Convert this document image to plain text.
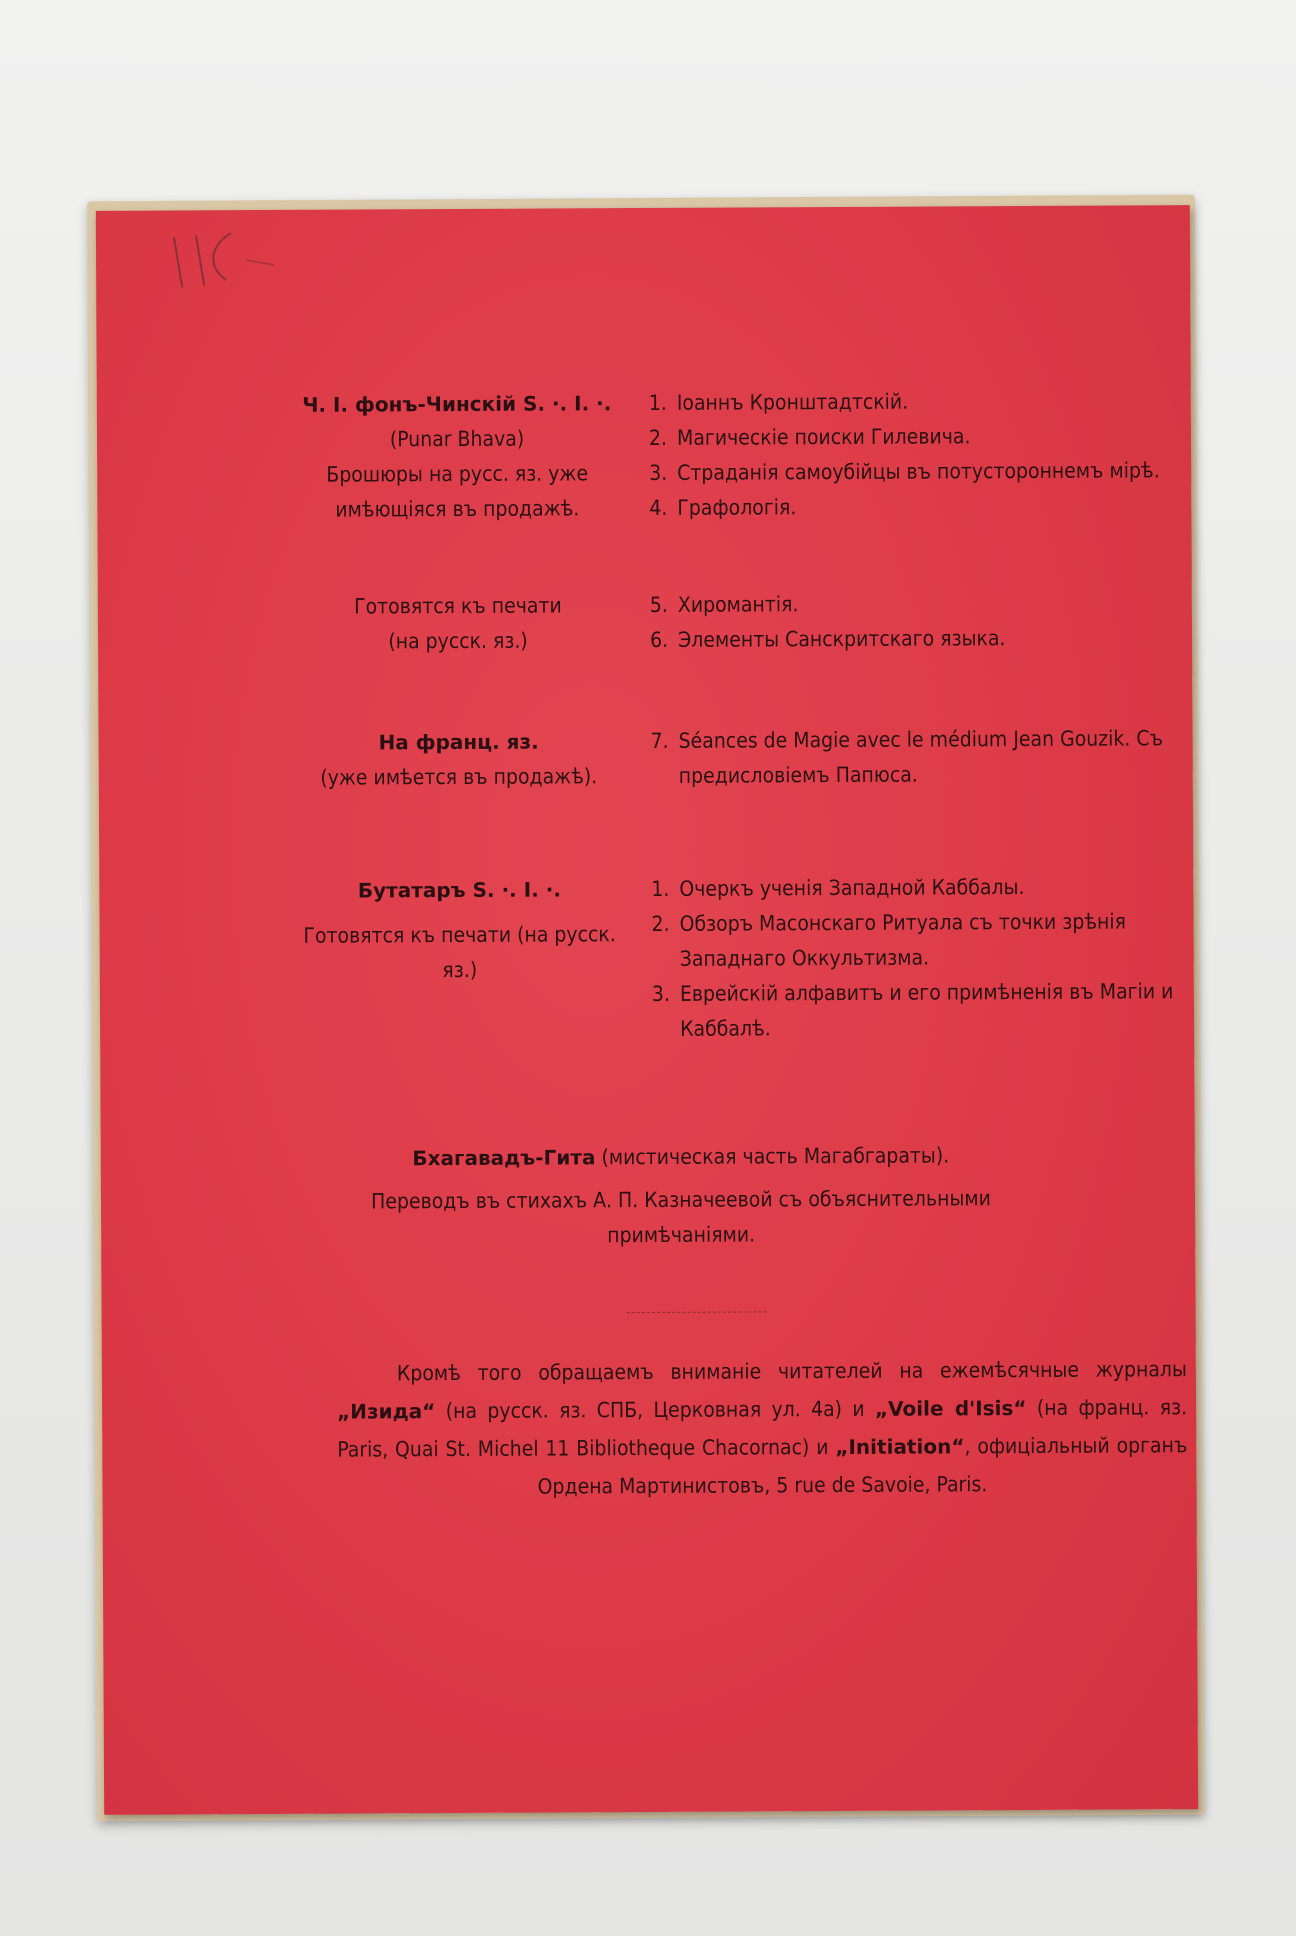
Ч. I. фонъ-Чинскій S. ·. I. ·.
(Punar Bhava)
Брошюры на русс. яз. уже имѣющіяся въ продажѣ.
1. Іоаннъ Кронштадтскій.
2. Магическіе поиски Гилевича.
3. Страданія самоубійцы въ потустороннемъ мірѣ.
4. Графологія.
Готовятся къ печати
(на русск. яз.)
5. Хиромантія.
6. Элементы Санскритскаго языка.
На франц. яз.
(уже имѣется въ продажѣ).
7. Séances de Magie avec le médium Jean Gouzik. Съ предисловіемъ Папюса.
Бутатаръ S. ·. I. ·.
Готовятся къ печати (на русск. яз.)
1. Очеркъ ученія Западной Каббалы.
2. Обзоръ Масонскаго Ритуала съ точки зрѣнія Западнаго Оккультизма.
3. Еврейскій алфавитъ и его примѣненія въ Магіи и Каббалѣ.
Бхагавадъ-Гита (мистическая часть Магабгараты).
Переводъ въ стихахъ А. П. Казначеевой съ объяснительными примѣчаніями.
Кромѣ того обращаемъ вниманіе читателей на ежемѣсячные журналы „Изида“ (на русск. яз. СПБ, Церковная ул. 4а) и „Voile d'Isis“ (на франц. яз. Paris, Quai St. Michel 11 Bibliotheque Chacornac) и „Initiation“, офиціальный органъ Ордена Мартинистовъ, 5 rue de Savoie, Paris.
